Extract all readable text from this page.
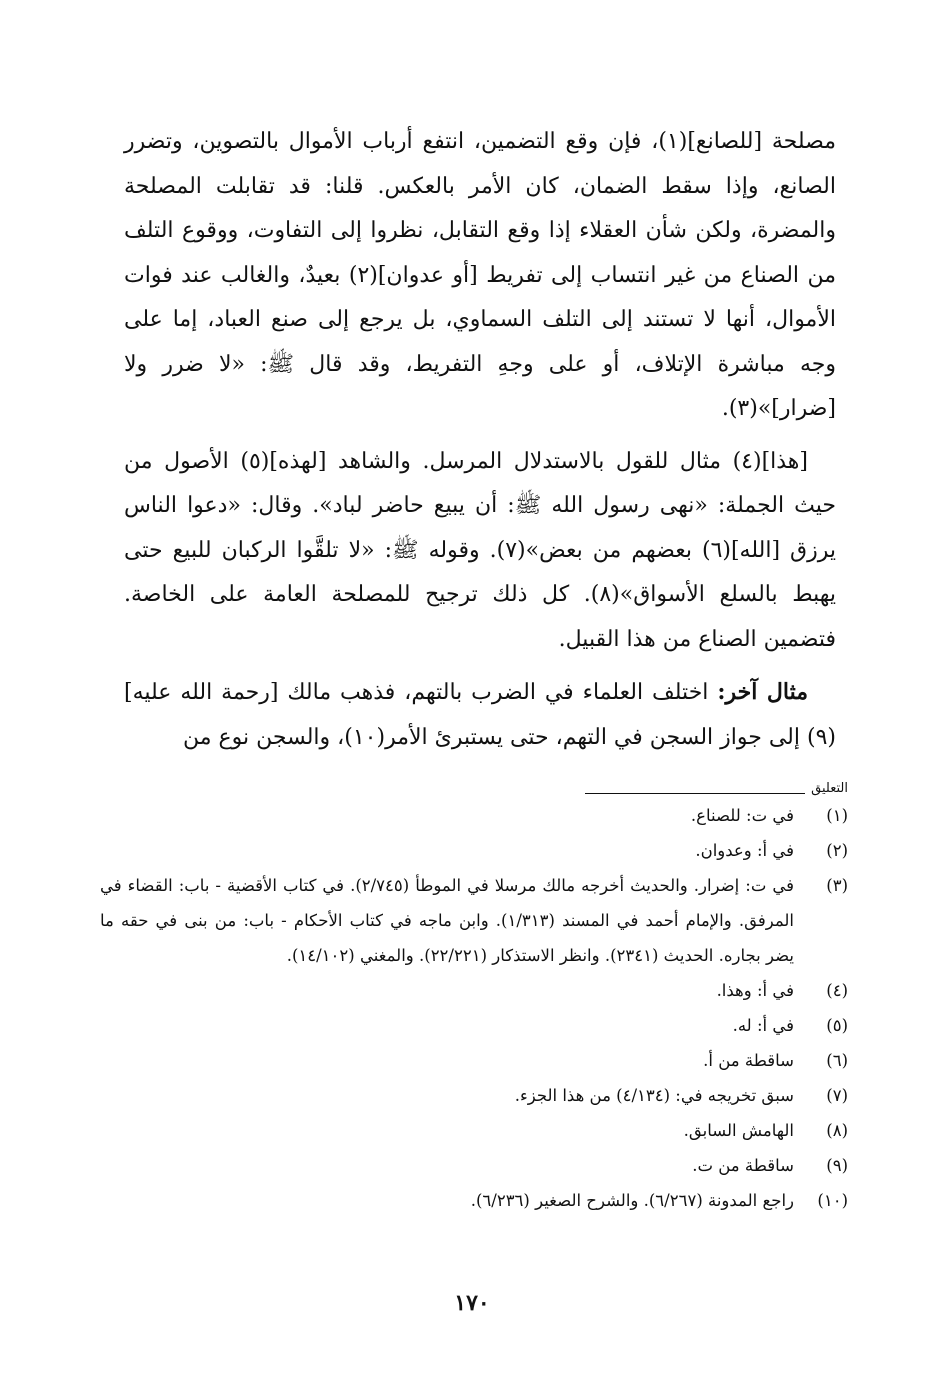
مصلحة [للصانع](١)، فإن وقع التضمين، انتفع أرباب الأموال بالتصوين، وتضرر الصانع، وإذا سقط الضمان، كان الأمر بالعكس. قلنا: قد تقابلت المصلحة والمضرة، ولكن شأن العقلاء إذا وقع التقابل، نظروا إلى التفاوت، ووقوع التلف من الصناع من غير انتساب إلى تفريط [أو عدوان](٢) بعيدٌ، والغالب عند فوات الأموال، أنها لا تستند إلى التلف السماوي، بل يرجع إلى صنع العباد، إما على وجه مباشرة الإتلاف، أو على وجهِ التفريط، وقد قال ﷺ: «لا ضرر ولا [ضرار]»(٣).

[هذا](٤) مثال للقول بالاستدلال المرسل. والشاهد [لهذه](٥) الأصول من حيث الجملة: «نهى رسول الله ﷺ: أن يبيع حاضر لباد». وقال: «دعوا الناس يرزق [الله](٦) بعضهم من بعض»(٧). وقوله ﷺ: «لا تلقَّوا الركبان للبيع حتى يهبط بالسلع الأسواق»(٨). كل ذلك ترجيح للمصلحة العامة على الخاصة. فتضمين الصناع من هذا القبيل.

مثال آخر: اختلف العلماء في الضرب بالتهم، فذهب مالك [رحمة الله عليه](٩) إلى جواز السجن في التهم، حتى يستبرئ الأمر(١٠)، والسجن نوع من

التعليق
(١)
في ت: للصناع.
(٢)
في أ: وعدوان.
(٣)
في ت: إضرار. والحديث أخرجه مالك مرسلا في الموطأ (٢/٧٤٥). في كتاب الأقضية - باب: القضاء في المرفق. والإمام أحمد في المسند (١/٣١٣). وابن ماجه في كتاب الأحكام - باب: من بنى في حقه ما يضر بجاره. الحديث (٢٣٤١). وانظر الاستذكار (٢٢/٢٢١). والمغني (١٤/١٠٢).
(٤)
في أ: وهذا.
(٥)
في أ: له.
(٦)
ساقطة من أ.
(٧)
سبق تخريجه في: (٤/١٣٤) من هذا الجزء.
(٨)
الهامش السابق.
(٩)
ساقطة من ت.
(١٠)
راجع المدونة (٦/٢٦٧). والشرح الصغير (٦/٢٣٦).
١٧٠
